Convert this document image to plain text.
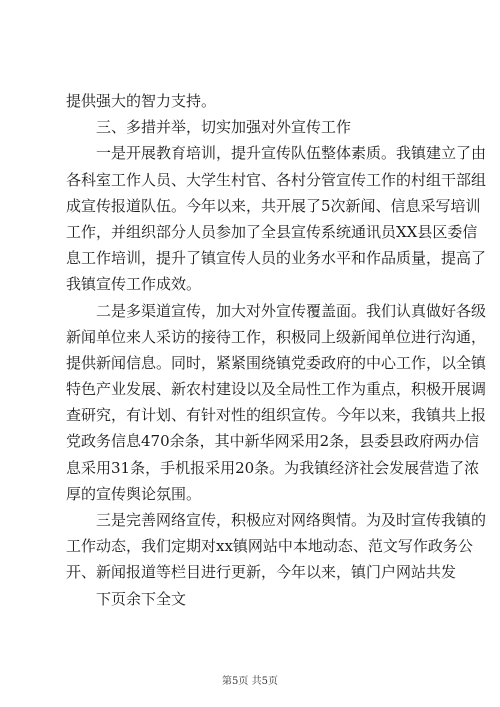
提供强大的智力支持。
三、多措并举，切实加强对外宣传工作
一是开展教育培训，提升宣传队伍整体素质。我镇建立了由
各科室工作人员、大学生村官、各村分管宣传工作的村组干部组
成宣传报道队伍。今年以来，共开展了5次新闻、信息采写培训
工作，并组织部分人员参加了全县宣传系统通讯员XX县区委信
息工作培训，提升了镇宣传人员的业务水平和作品质量，提高了
我镇宣传工作成效。
二是多渠道宣传，加大对外宣传覆盖面。我们认真做好各级
新闻单位来人采访的接待工作，积极同上级新闻单位进行沟通，
提供新闻信息。同时，紧紧围绕镇党委政府的中心工作，以全镇
特色产业发展、新农村建设以及全局性工作为重点，积极开展调
查研究，有计划、有针对性的组织宣传。今年以来，我镇共上报
党政务信息470余条，其中新华网采用2条，县委县政府两办信
息采用31条，手机报采用20条。为我镇经济社会发展营造了浓
厚的宣传舆论氛围。
三是完善网络宣传，积极应对网络舆情。为及时宣传我镇的
工作动态，我们定期对xx镇网站中本地动态、范文写作政务公
开、新闻报道等栏目进行更新，今年以来，镇门户网站共发
下页余下全文
第5页 共5页
